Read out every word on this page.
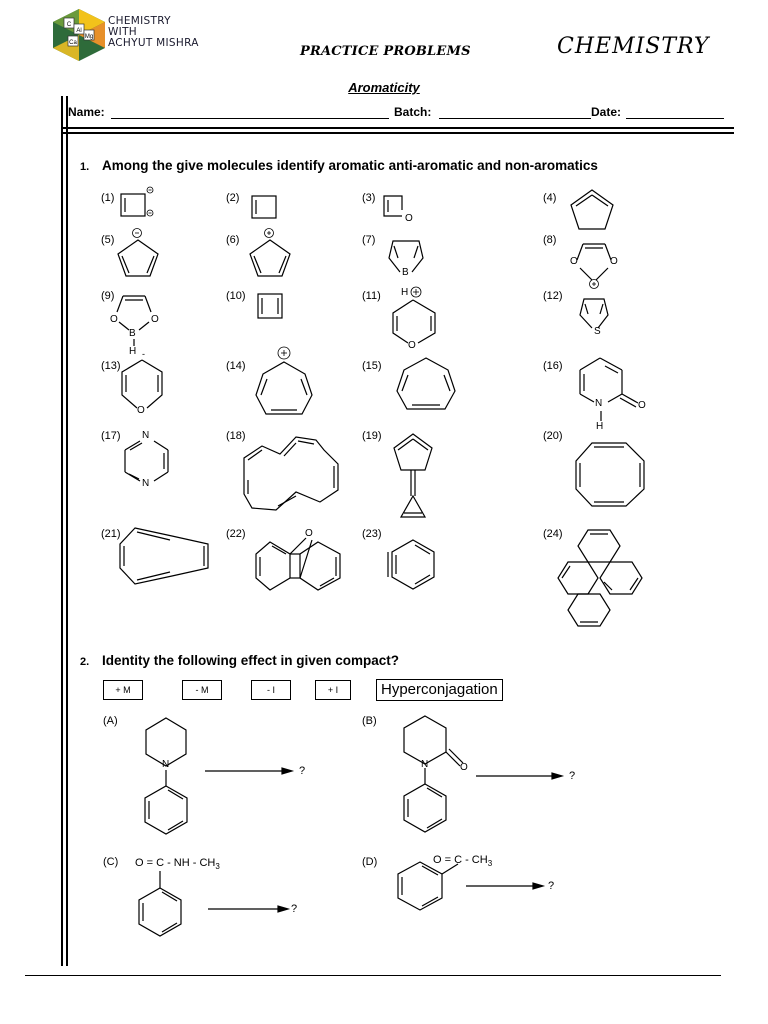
C
Al
Mg
Ca
CHEMISTRY
WITH
ACHYUT MISHRA
PRACTICE PROBLEMS	CHEMISTRY
Aromaticity
Name:	Batch:	Date:
1. Among the give molecules identify aromatic anti-aromatic and non-aromatics
(1)	(2)	(3)	(4)
(5)	(6)	(7)	(8)
(9)	(10)	(11)	(12)
(13)	(14)	(15)	(16)
(17)	(18)	(19)	(20)
(21)	(22)	(23)	(24)
O
B
O	O
O	O
B
H -
H
O
S
O
N
H
O
N
N
O
2. Identity the following effect in given compact?
+ M	- M	- I	+ I	Hyperconjagation
(A)	(B)
(C)	(D)
N	N	O
?	?
?
?
O = C - NH - $CH_3$
$O = C - CH_3$
